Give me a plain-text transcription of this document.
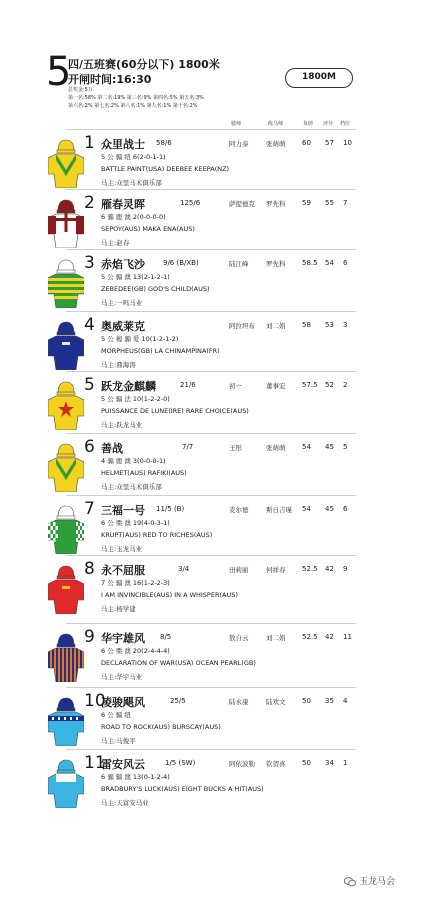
5
四/五班赛(60分以下) 1800米
开闸时间:16:30
总奖金:5万
第一名:58% 第二名:19% 第三名:9% 第四名:5% 第五名:3%
第六名:2% 第七名:2% 第八名:1% 第九名:1% 第十名:2%
1800M
骑师	练马师	负磅 评分 档位
1 众里战士 58/6	阿力泰	张萌萌 60 57 10
5 公 骟 纽 6(2-0-1-1)
BATTLE PAINT(USA) DEEBEE KEEPA(NZ)
马主:众里马术俱乐部
2 雁春灵晖	125/6	萨提德克 罗先科 59 55 7
6 骟 鹿 澳 2(0-0-0-0)
SEPOY(AUS) MAKA ENA(AUS)
马主:赵春
3 赤焰飞沙	9/6 (B/XB)	陆江峰	罗先科 58.5 54 6
5 公 骟 澳 13(2-1-2-1)
ZEBEDEE(GB) GOD'S CHILD(AUS)
马主:一鸣马业
4 奥威莱克	阿拉坦布 刘二娟 58 53 3
5 公 褐 骟 爱 10(1-2-1-2)
MORPHEUS(GB) LA CHINAMPINA(FR)
马主:鼎海涛
5 跃龙金麒麟	21/6	初一	董事宏 57.5 52 2
5 公 骟 法 10(1-2-2-0)
PUISSANCE DE LUNE(IRE) RARE CHOICE(AUS)
马主:跃龙马业
6 善战	7/7	王彤	张萌萌 54 45 5
4 骟 鹿 澳 3(0-0-0-1)
HELMET(AUS) RAFIKI(AUS)
马主:众里马术俱乐部
7 三福一号 11/5 (B)	麦尔德	斯日吉瑾 54 45 6
6 公 栗 澳 19(4-0-3-1)
KRUPT(AUS) RED TO RICHES(AUS)
马主:玉龙马业
8 永不屈服	3/4	田莉丽	何祥春 52.5 42 9
7 公 骟 澳 16(1-2-2-3)
I AM INVINCIBLE(AUS) IN A WHISPER(AUS)
马主:杨学建
9 华宇雄风 8/5	敖自云	刘二娟 52.5 42 11
6 公 栗 澳 20(2-4-4-4)
DECLARATION OF WAR(USA) OCEAN PEARL(GB)
马主:华宇马业
10
凌骏飓风	25/5	陆永康	陆欢文 50 35 4
6 公 骟 纽
ROAD TO ROCK(AUS) BURSCAY(AUS)
马主:马俊平
11
雷安风云	1/5 (SW)	阿依波勒 钦贺喜 50 34 1
6 骟 骟 澳 13(0-1-2-4)
BRADBURY'S LUCK(AUS) EIGHT BUCKS A HIT(AUS)
马主:天富安马业
玉龙马会
